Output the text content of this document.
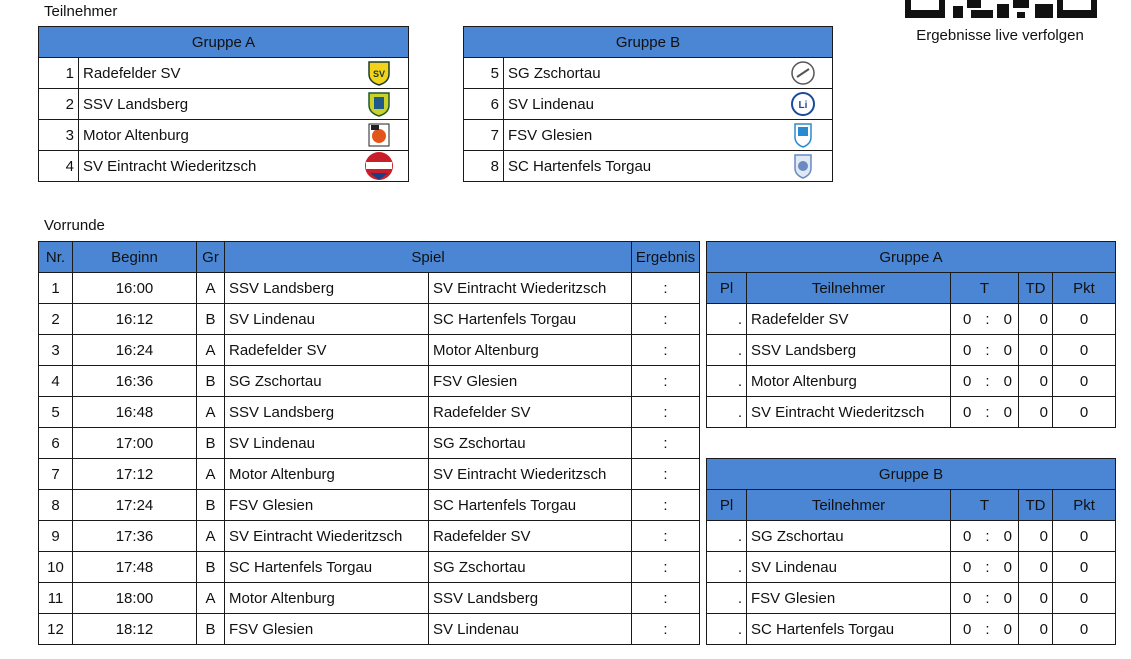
Teilnehmer
Ergebnisse live verfolgen
Gruppe A	
1	Radefelder SV SV

2	SSV Landsberg

3	Motor Altenburg

4	SV Eintracht Wiederitzsch
Gruppe B	
5	SG Zschortau

6	SV Lindenau Li

7	FSV Glesien

8	SC Hartenfels Torgau
Vorrunde
Nr.	Beginn	Gr	Spiel		Ergebnis
1	16:00	A	SSV Landsberg	SV Eintracht Wiederitzsch	:
2	16:12	B	SV Lindenau	SC Hartenfels Torgau	:
3	16:24	A	Radefelder SV	Motor Altenburg	:
4	16:36	B	SG Zschortau	FSV Glesien	:
5	16:48	A	SSV Landsberg	Radefelder SV	:
6	17:00	B	SV Lindenau	SG Zschortau	:
7	17:12	A	Motor Altenburg	SV Eintracht Wiederitzsch	:
8	17:24	B	FSV Glesien	SC Hartenfels Torgau	:
9	17:36	A	SV Eintracht Wiederitzsch	Radefelder SV	:
10	17:48	B	SC Hartenfels Torgau	SG Zschortau	:
11	18:00	A	Motor Altenburg	SSV Landsberg	:
12	18:12	B	FSV Glesien	SV Lindenau	:
Gruppe A				
Pl	Teilnehmer	T	TD	Pkt
.	Radefelder SV	0 : 0	0	0
.	SSV Landsberg	0 : 0	0	0
.	Motor Altenburg	0 : 0	0	0
.	SV Eintracht Wiederitzsch	0 : 0	0	0
Gruppe B				
Pl	Teilnehmer	T	TD	Pkt
.	SG Zschortau	0 : 0	0	0
.	SV Lindenau	0 : 0	0	0
.	FSV Glesien	0 : 0	0	0
.	SC Hartenfels Torgau	0 : 0	0	0
